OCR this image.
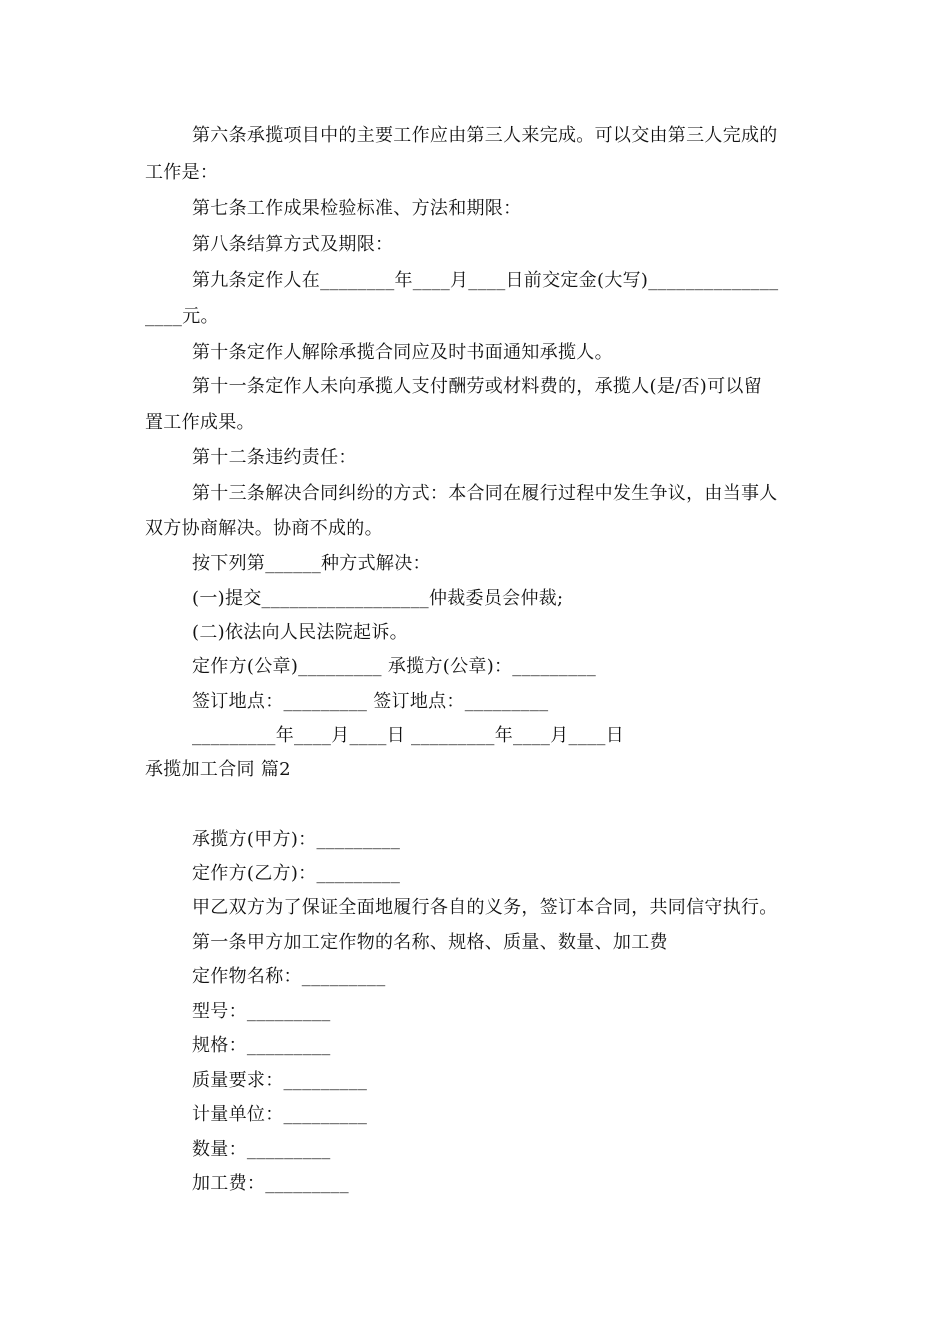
第六条承揽项目中的主要工作应由第三人来完成。可以交由第三人完成的
工作是：
第七条工作成果检验标准、方法和期限：
第八条结算方式及期限：
第九条定作人在________年____月____日前交定金(大写)______________
____元。
第十条定作人解除承揽合同应及时书面通知承揽人。
第十一条定作人未向承揽人支付酬劳或材料费的，承揽人(是/否)可以留
置工作成果。
第十二条违约责任：
第十三条解决合同纠纷的方式：本合同在履行过程中发生争议，由当事人
双方协商解决。协商不成的。
按下列第______种方式解决：
(一)提交__________________仲裁委员会仲裁;
(二)依法向人民法院起诉。
定作方(公章)_________ 承揽方(公章)：_________
签订地点：_________ 签订地点：_________
_________年____月____日 _________年____月____日
承揽加工合同 篇2
承揽方(甲方)：_________
定作方(乙方)：_________
甲乙双方为了保证全面地履行各自的义务，签订本合同，共同信守执行。
第一条甲方加工定作物的名称、规格、质量、数量、加工费
定作物名称：_________
型号：_________
规格：_________
质量要求：_________
计量单位：_________
数量：_________
加工费：_________
